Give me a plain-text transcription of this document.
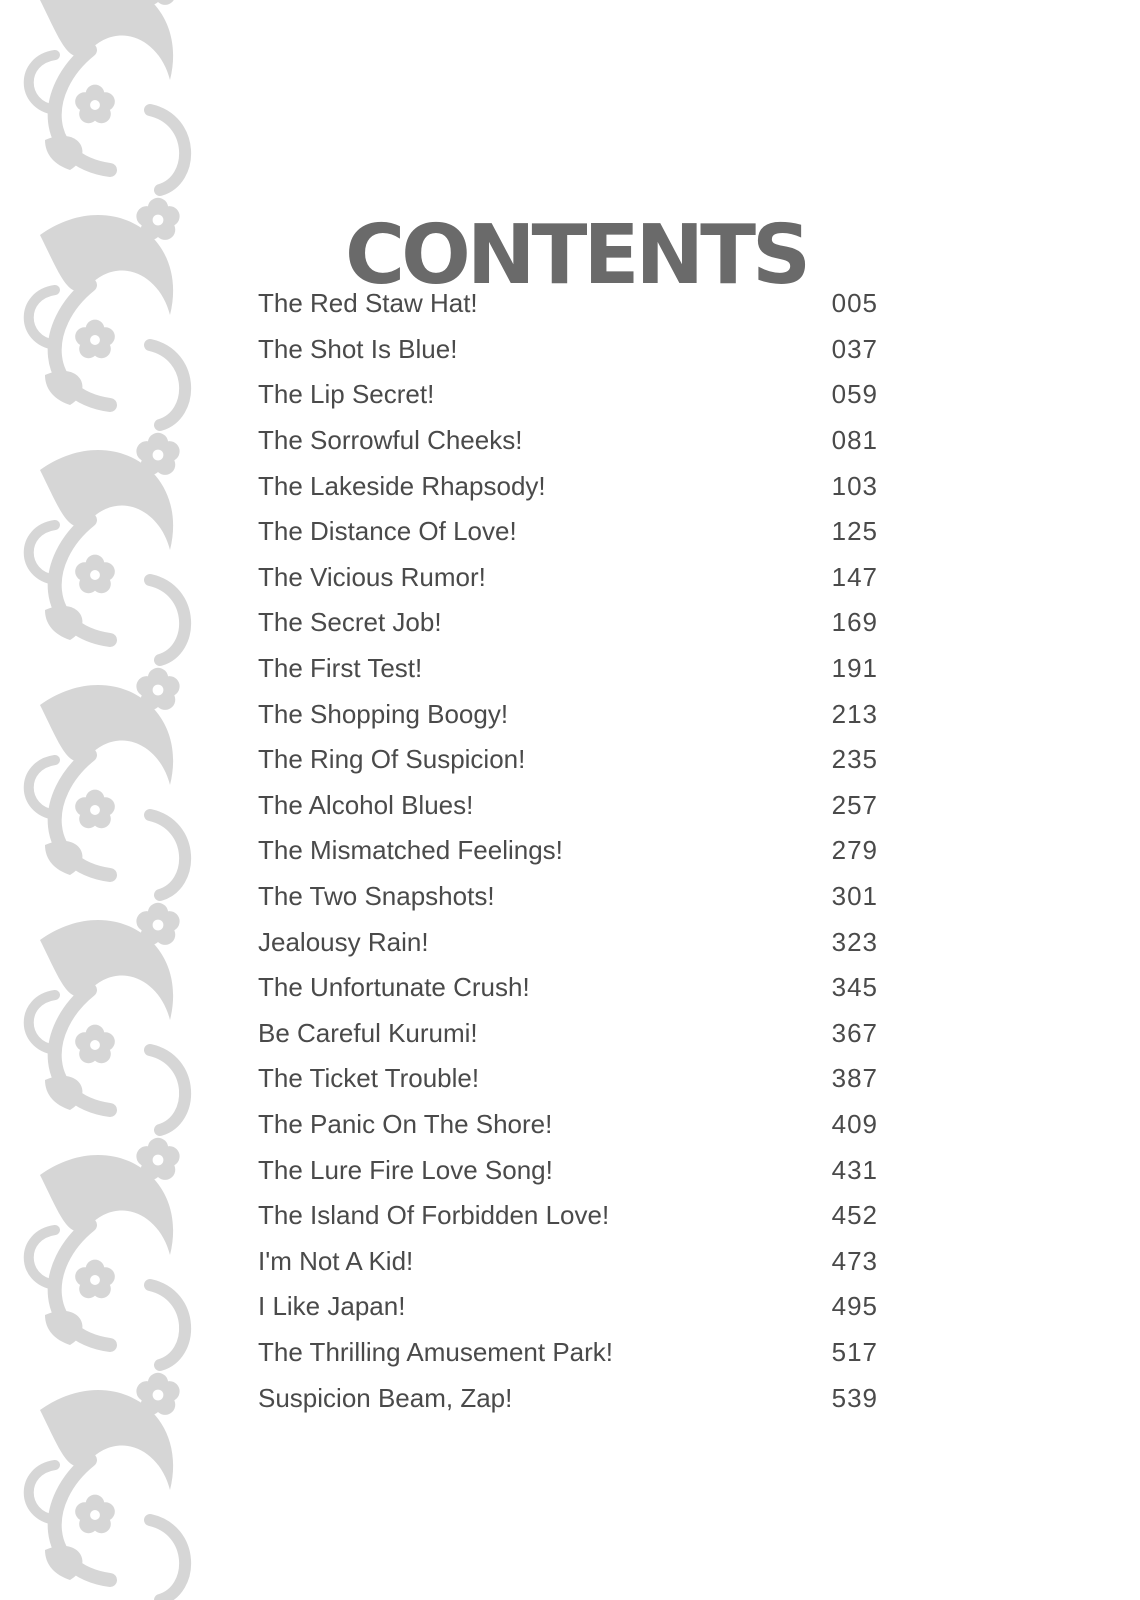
CONTENTS
The Red Staw Hat!	005
The Shot Is Blue!	037
The Lip Secret!	059
The Sorrowful Cheeks!	081
The Lakeside Rhapsody!	103
The Distance Of Love!	125
The Vicious Rumor!	147
The Secret Job!	169
The First Test!	191
The Shopping Boogy!	213
The Ring Of Suspicion!	235
The Alcohol Blues!	257
The Mismatched Feelings!	279
The Two Snapshots!	301
Jealousy Rain!	323
The Unfortunate Crush!	345
Be Careful Kurumi!	367
The Ticket Trouble!	387
The Panic On The Shore!	409
The Lure Fire Love Song!	431
The Island Of Forbidden Love!	452
I'm Not A Kid!	473
I Like Japan!	495
The Thrilling Amusement Park!	517
Suspicion Beam, Zap!	539
